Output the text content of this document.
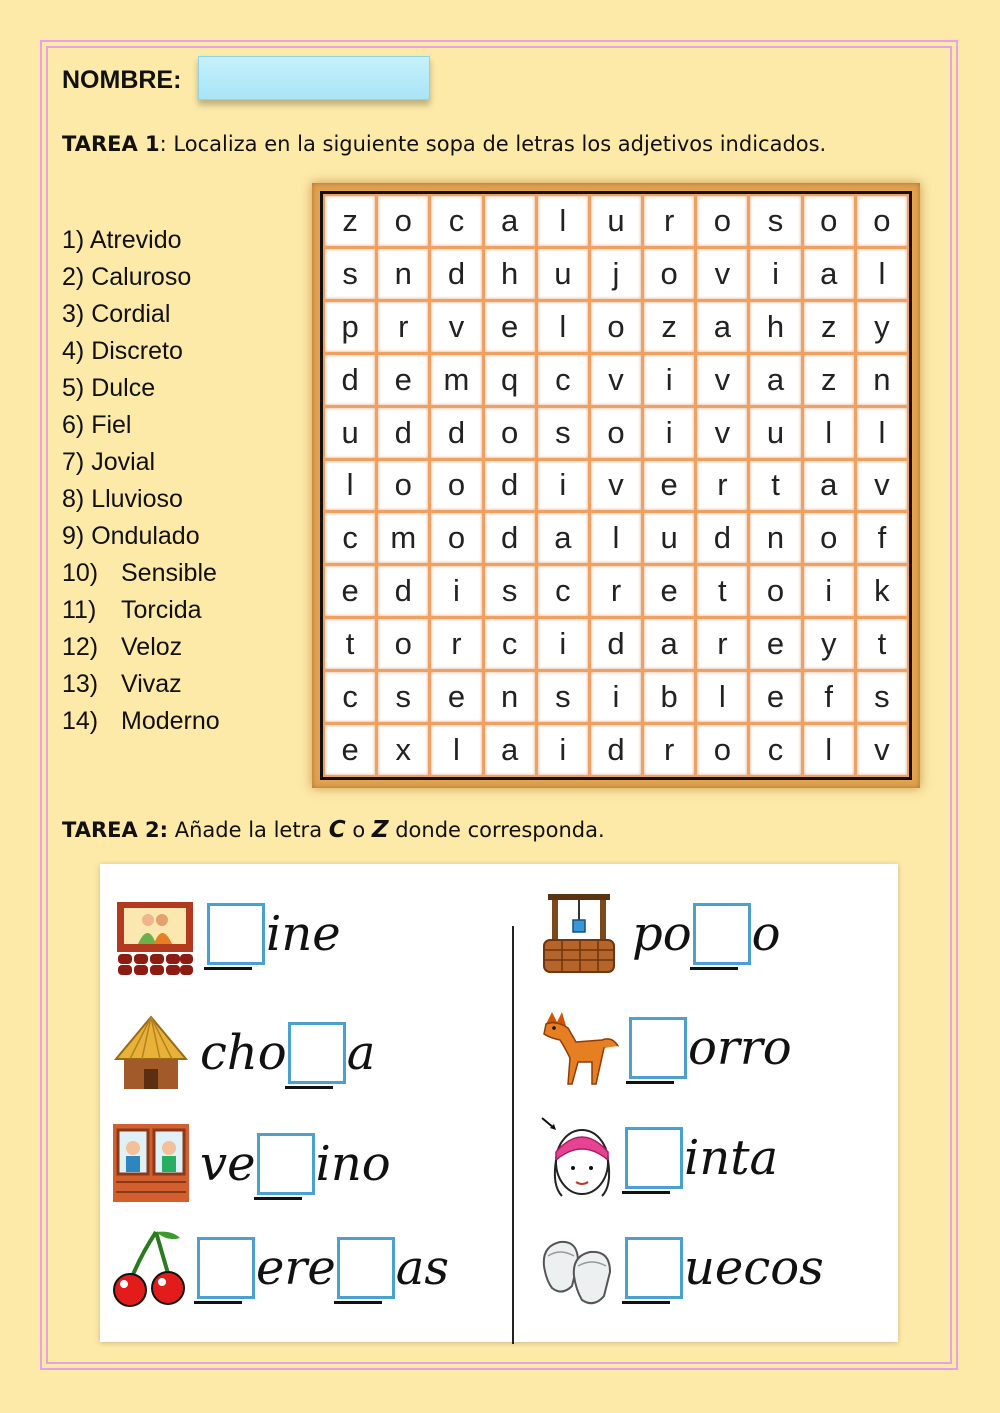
NOMBRE:
TAREA 1: Localiza en la siguiente sopa de letras los adjetivos indicados.
1) Atrevido
2) Caluroso
3) Cordial
4) Discreto
5) Dulce
6) Fiel
7) Jovial
8) Lluvioso
9) Ondulado
10) Sensible
11) Torcida
12) Veloz
13) Vivaz
14) Moderno
z	o	c	a	l	u	r	o	s	o	o
s	n	d	h	u	j	o	v	i	a	l
p	r	v	e	l	o	z	a	h	z	y
d	e	m	q	c	v	i	v	a	z	n
u	d	d	o	s	o	i	v	u	l	l
l	o	o	d	i	v	e	r	t	a	v
c	m	o	d	a	l	u	d	n	o	f
e	d	i	s	c	r	e	t	o	i	k
t	o	r	c	i	d	a	r	e	y	t
c	s	e	n	s	i	b	l	e	f	s
e	x	l	a	i	d	r	o	c	l	v
TAREA 2: Añade la letra C o Z donde corresponda.
ine
cho a
ve ino
ere as
po o
orro
inta
uecos
